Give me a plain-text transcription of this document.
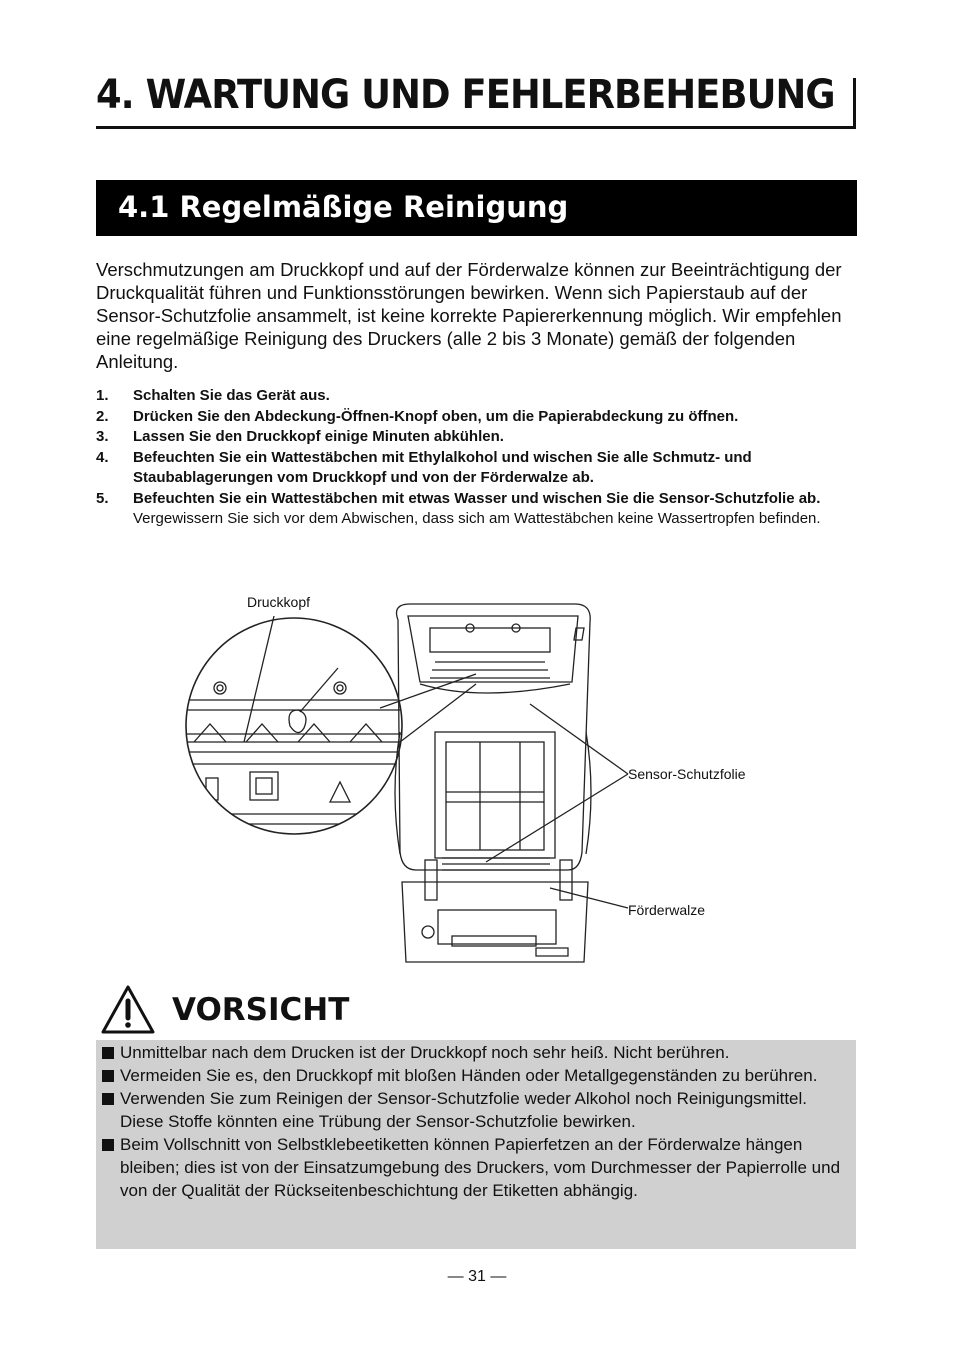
4. WARTUNG UND FEHLERBEHEBUNG
4.1 Regelmäßige Reinigung

Verschmutzungen am Druckkopf und auf der Förderwalze können zur Beeinträchtigung der Druckqualität führen und Funktionsstörungen bewirken. Wenn sich Papierstaub auf der Sensor-Schutzfolie ansammelt, ist keine korrekte Papiererkennung möglich. Wir empfehlen eine regelmäßige Reinigung des Druckers (alle 2 bis 3 Monate) gemäß der folgenden Anleitung.

1. Schalten Sie das Gerät aus.
2. Drücken Sie den Abdeckung-Öffnen-Knopf oben, um die Papierabdeckung zu öffnen.
3. Lassen Sie den Druckkopf einige Minuten abkühlen.
4. Befeuchten Sie ein Wattestäbchen mit Ethylalkohol und wischen Sie alle Schmutz- und Staubablagerungen vom Druckkopf und von der Förderwalze ab.
5. Befeuchten Sie ein Wattestäbchen mit etwas Wasser und wischen Sie die Sensor-Schutzfolie ab.
Vergewissern Sie sich vor dem Abwischen, dass sich am Wattestäbchen keine Wassertropfen befinden.
Druckkopf
Sensor-Schutzfolie
Förderwalze
VORSICHT
Unmittelbar nach dem Drucken ist der Druckkopf noch sehr heiß. Nicht berühren.
Vermeiden Sie es, den Druckkopf mit bloßen Händen oder Metallgegenständen zu berühren.
Verwenden Sie zum Reinigen der Sensor-Schutzfolie weder Alkohol noch Reinigungsmittel. Diese Stoffe könnten eine Trübung der Sensor-Schutzfolie bewirken.
Beim Vollschnitt von Selbstklebeetiketten können Papierfetzen an der Förderwalze hängen bleiben; dies ist von der Einsatzumgebung des Druckers, vom Durchmesser der Papierrolle und von der Qualität der Rückseitenbeschichtung der Etiketten abhängig.
— 31 —
